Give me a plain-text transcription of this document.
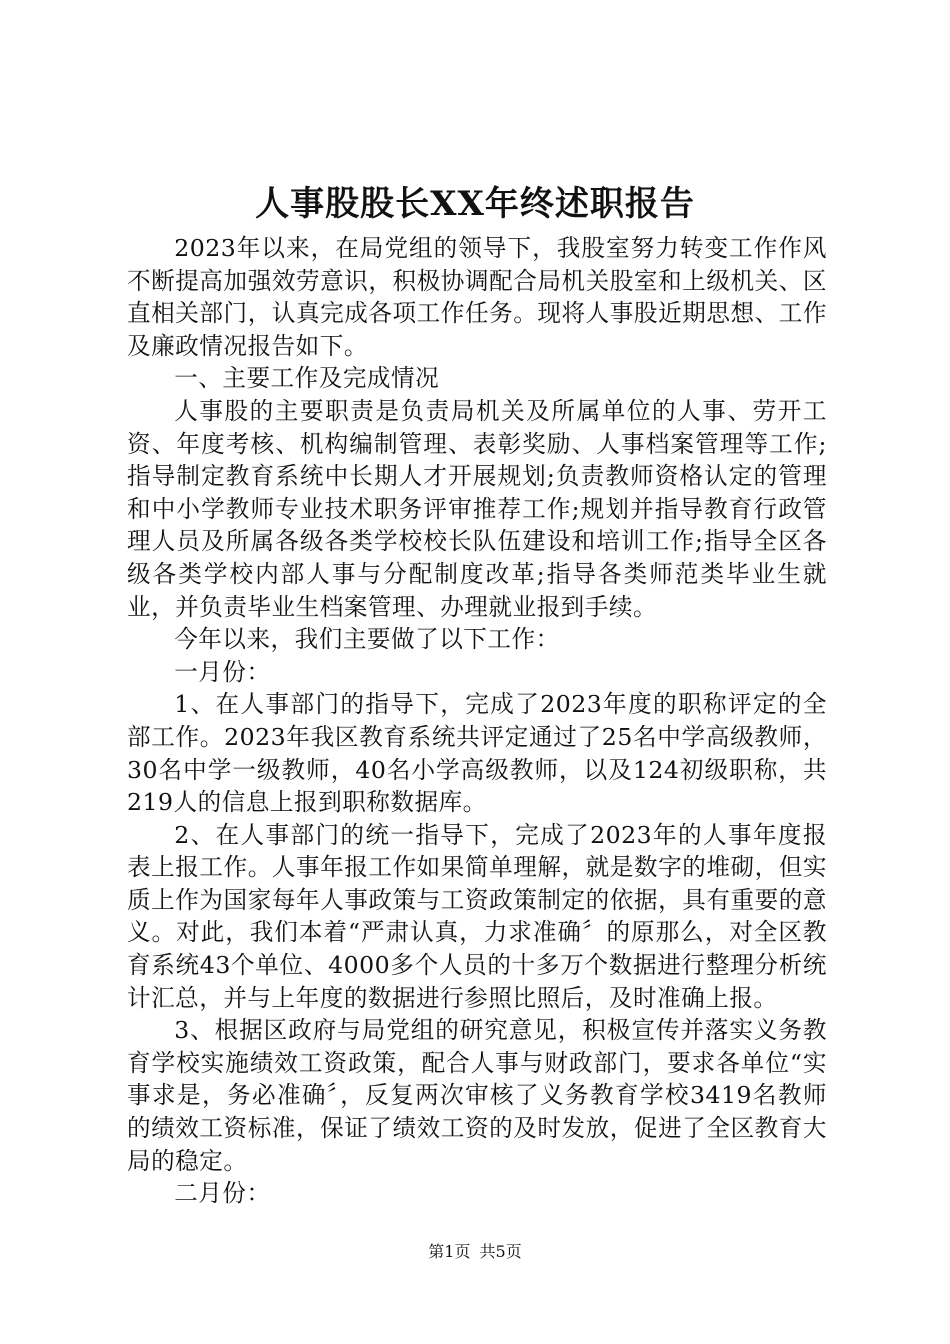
人事股股长XX年终述职报告

2023年以来，在局党组的领导下，我股室努力转变工作作风不断提高加强效劳意识，积极协调配合局机关股室和上级机关、区直相关部门，认真完成各项工作任务。现将人事股近期思想、工作及廉政情况报告如下。

一、主要工作及完成情况

人事股的主要职责是负责局机关及所属单位的人事、劳开工资、年度考核、机构编制管理、表彰奖励、人事档案管理等工作;指导制定教育系统中长期人才开展规划;负责教师资格认定的管理和中小学教师专业技术职务评审推荐工作;规划并指导教育行政管理人员及所属各级各类学校校长队伍建设和培训工作;指导全区各级各类学校内部人事与分配制度改革;指导各类师范类毕业生就业，并负责毕业生档案管理、办理就业报到手续。

今年以来，我们主要做了以下工作：

一月份：

1、在人事部门的指导下，完成了2023年度的职称评定的全部工作。2023年我区教育系统共评定通过了25名中学高级教师，30名中学一级教师，40名小学高级教师，以及124初级职称，共219人的信息上报到职称数据库。

2、在人事部门的统一指导下，完成了2023年的人事年度报表上报工作。人事年报工作如果简单理解，就是数字的堆砌，但实质上作为国家每年人事政策与工资政策制定的依据，具有重要的意义。对此，我们本着“严肃认真，力求准确〞的原那么，对全区教育系统43个单位、4000多个人员的十多万个数据进行整理分析统计汇总，并与上年度的数据进行参照比照后，及时准确上报。

3、根据区政府与局党组的研究意见，积极宣传并落实义务教育学校实施绩效工资政策，配合人事与财政部门，要求各单位“实事求是，务必准确〞，反复两次审核了义务教育学校3419名教师的绩效工资标准，保证了绩效工资的及时发放，促进了全区教育大局的稳定。

二月份：

第1页 共5页
